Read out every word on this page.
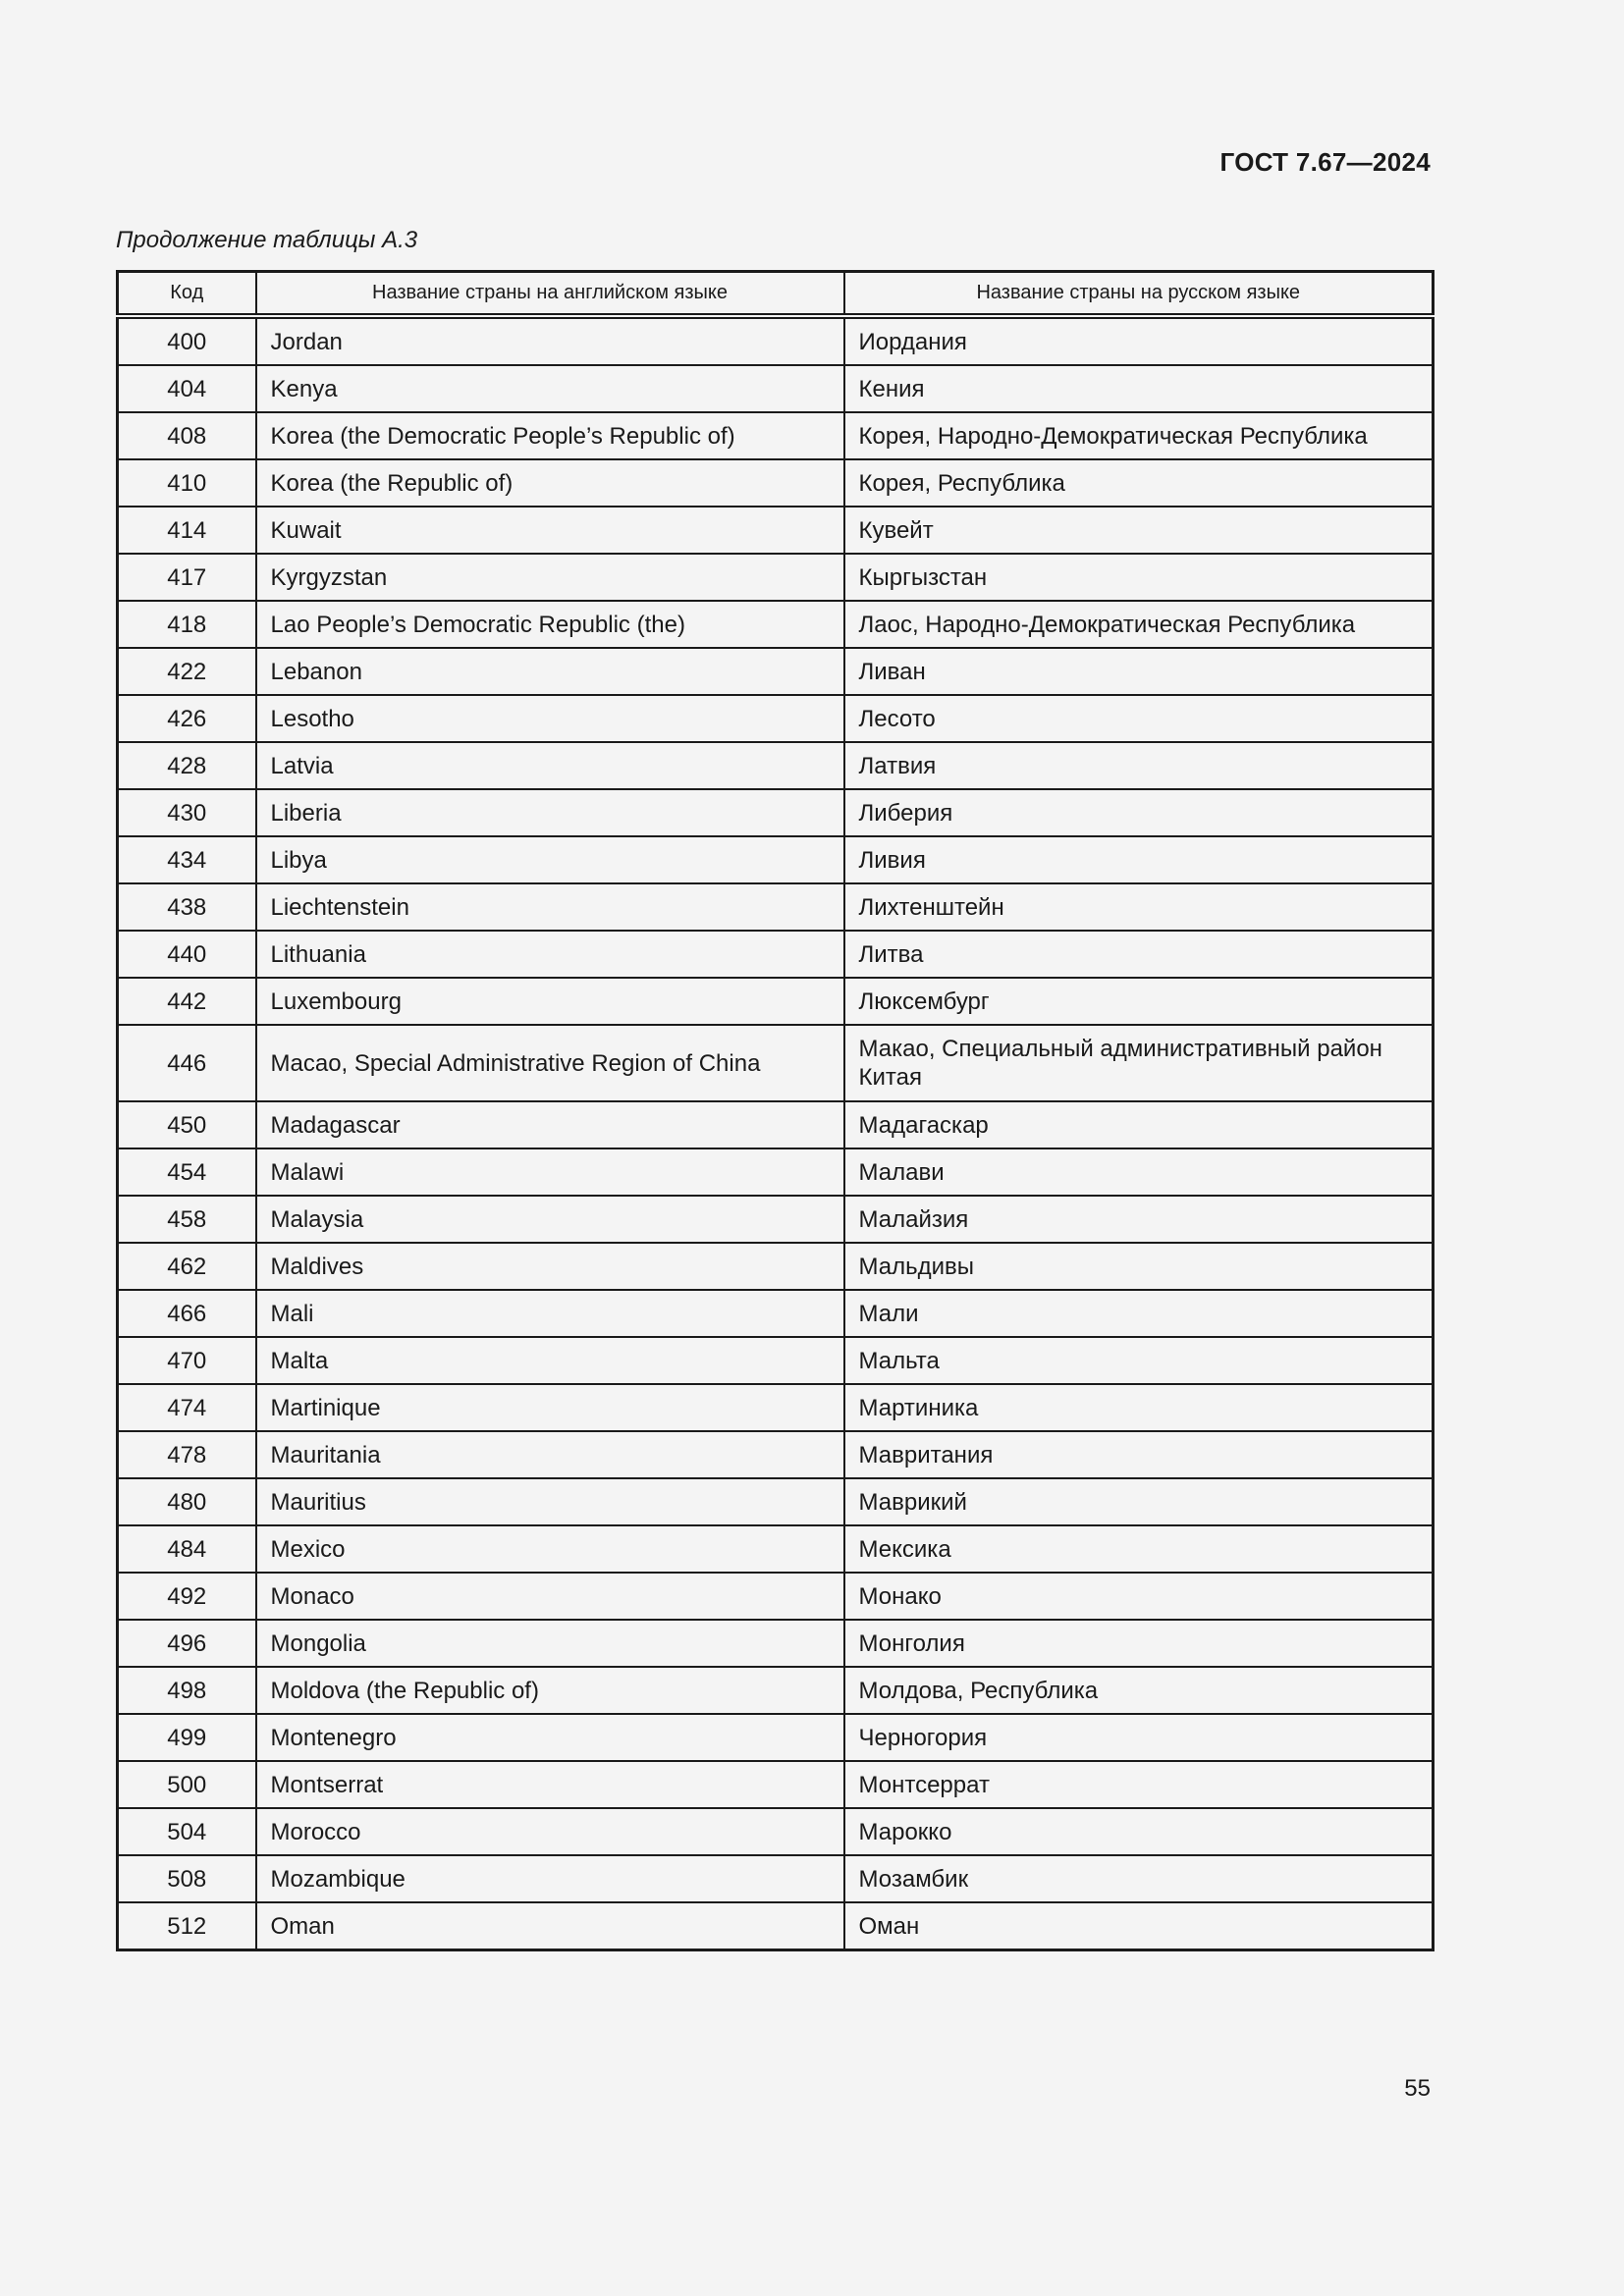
ГОСТ 7.67—2024
Продолжение таблицы А.3
Код	Название страны на английском языке	Название страны на русском языке
400	Jordan	Иордания
404	Kenya	Кения
408	Korea (the Democratic People’s Republic of)	Корея, Народно-Демократическая Республика
410	Korea (the Republic of)	Корея, Республика
414	Kuwait	Кувейт
417	Kyrgyzstan	Кыргызстан
418	Lao People’s Democratic Republic (the)	Лаос, Народно-Демократическая Республика
422	Lebanon	Ливан
426	Lesotho	Лесото
428	Latvia	Латвия
430	Liberia	Либерия
434	Libya	Ливия
438	Liechtenstein	Лихтенштейн
440	Lithuania	Литва
442	Luxembourg	Люксембург
446	Macao, Special Administrative Region of China	Макао, Специальный административный район Китая
450	Madagascar	Мадагаскар
454	Malawi	Малави
458	Malaysia	Малайзия
462	Maldives	Мальдивы
466	Mali	Мали
470	Malta	Мальта
474	Martinique	Мартиника
478	Mauritania	Мавритания
480	Mauritius	Маврикий
484	Mexico	Мексика
492	Monaco	Монако
496	Mongolia	Монголия
498	Moldova (the Republic of)	Молдова, Республика
499	Montenegro	Черногория
500	Montserrat	Монтсеррат
504	Morocco	Марокко
508	Mozambique	Мозамбик
512	Oman	Оман
55
